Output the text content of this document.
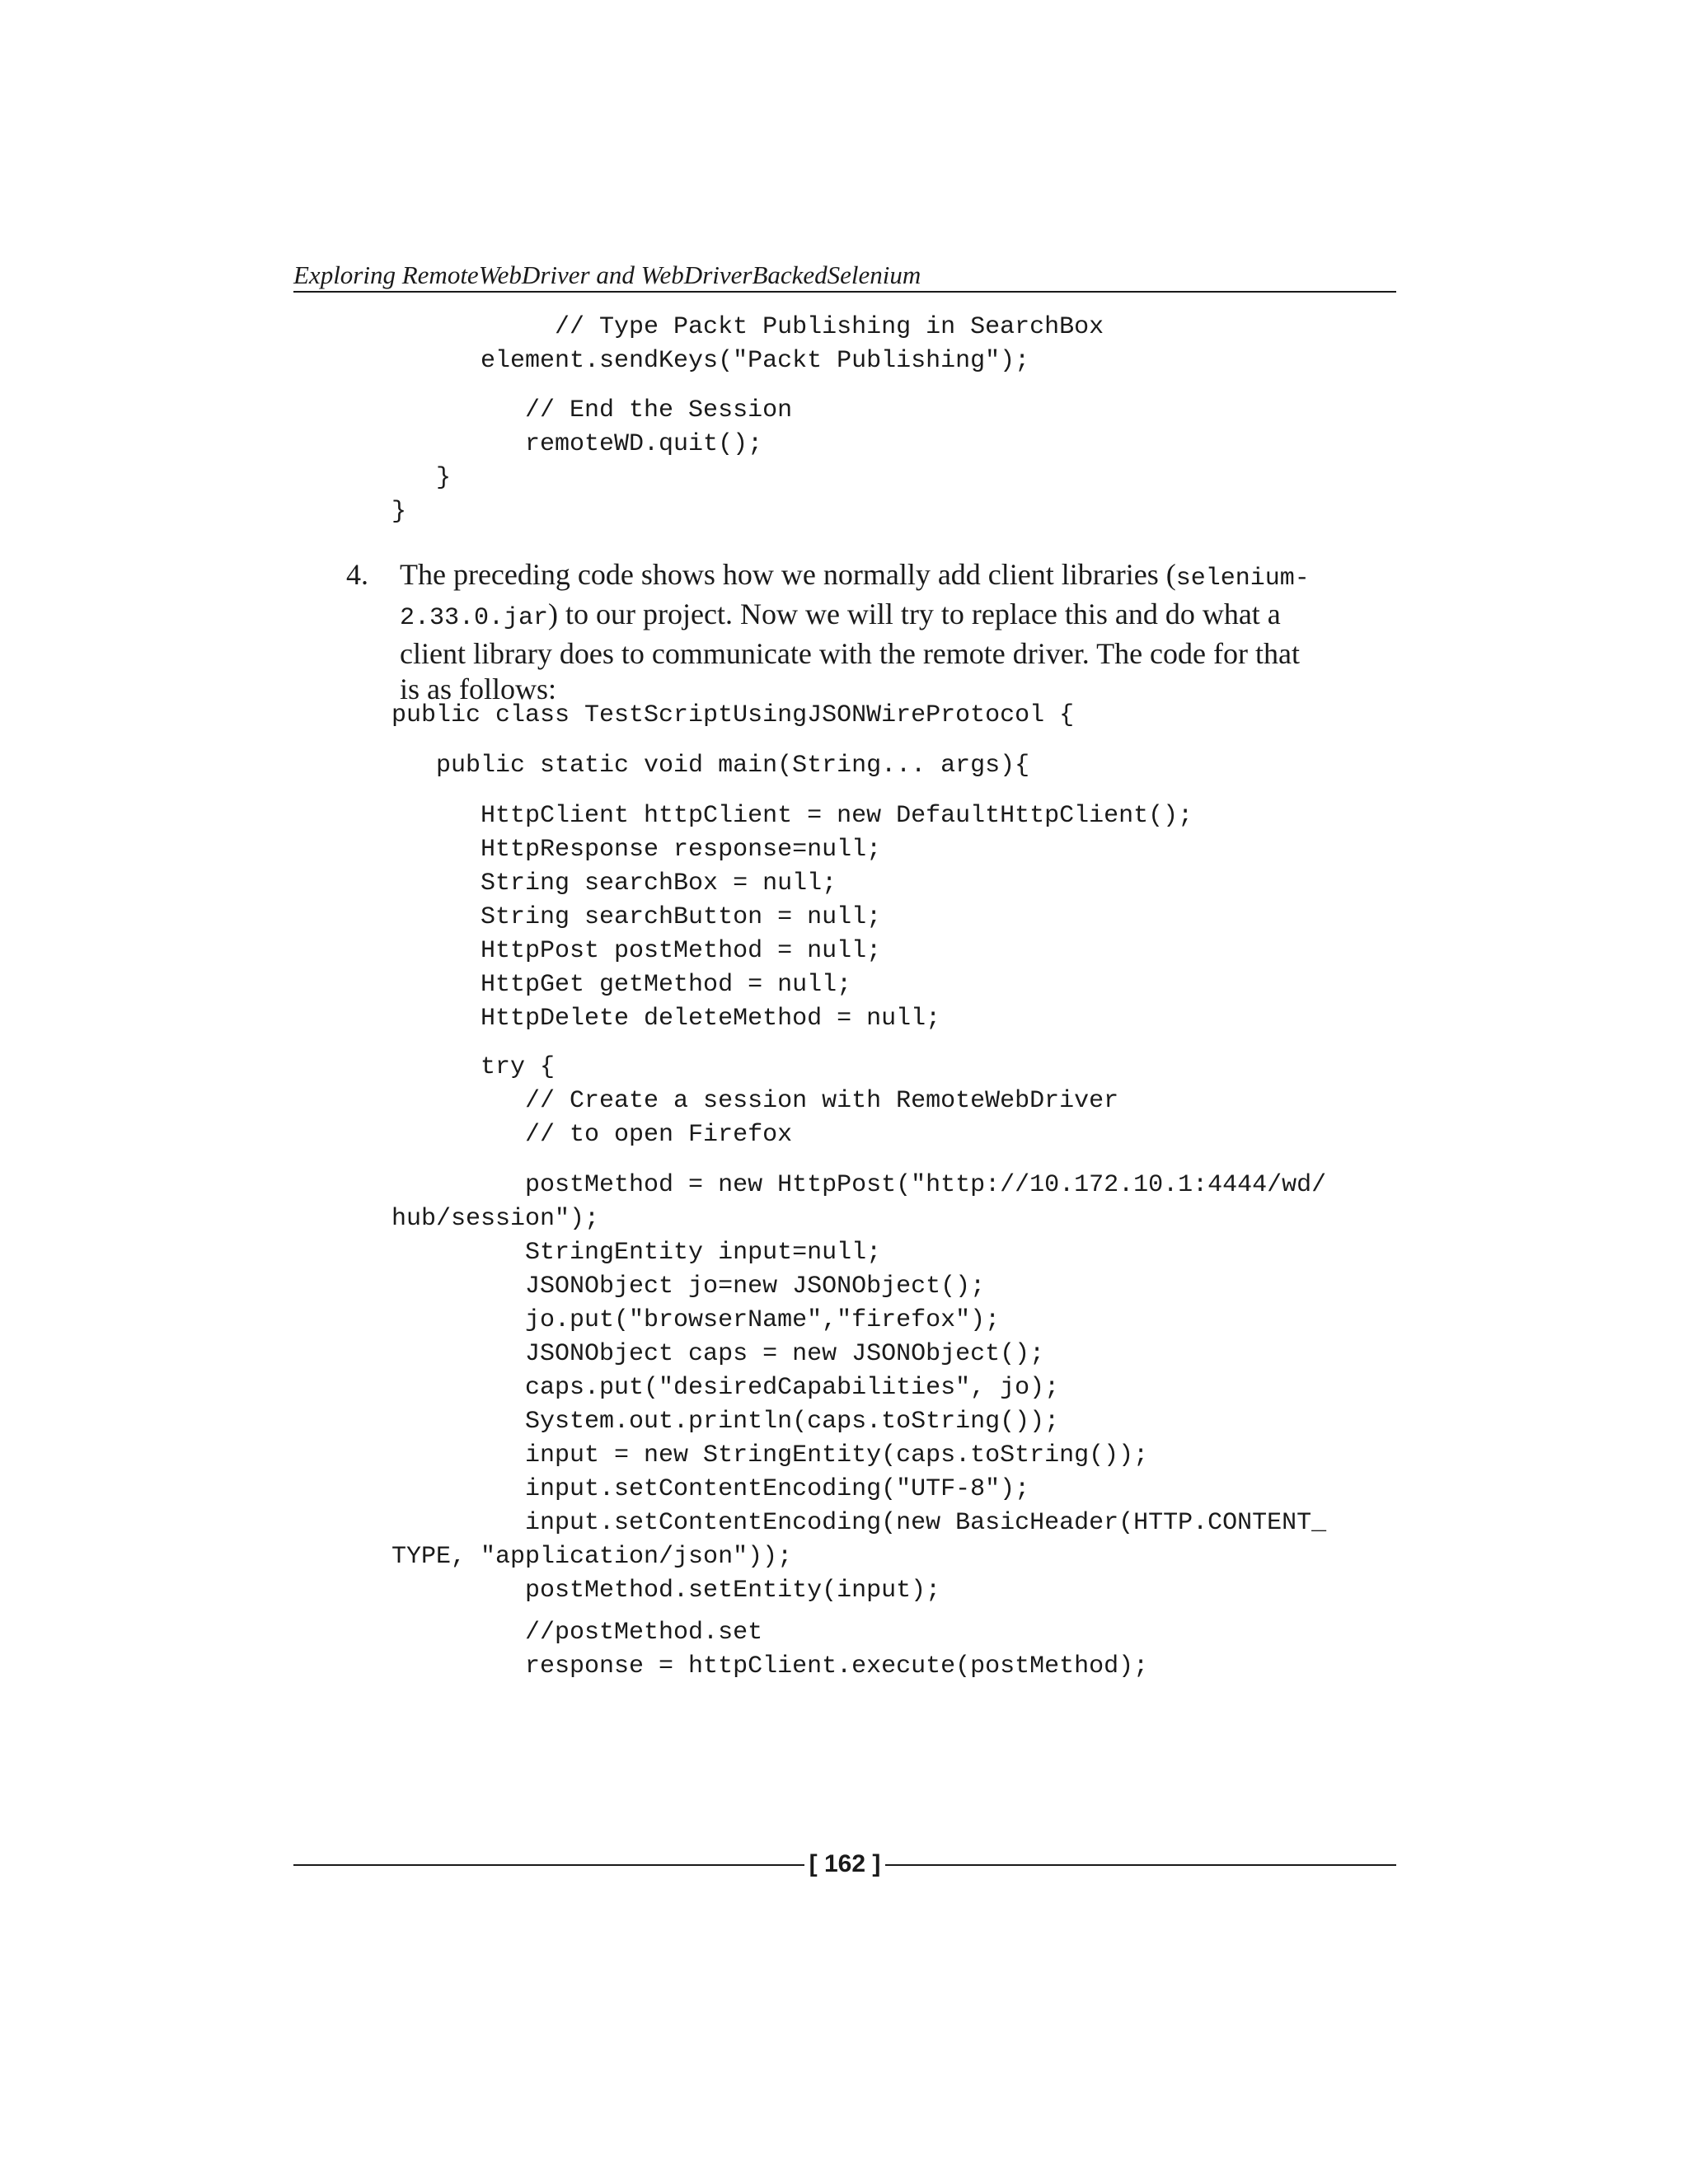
Exploring RemoteWebDriver and WebDriverBackedSelenium
// Type Packt Publishing in SearchBox
element.sendKeys("Packt Publishing");
// End the Session
remoteWD.quit();
}
}
4. The preceding code shows how we normally add client libraries (selenium-
2.33.0.jar) to our project. Now we will try to replace this and do what a
client library does to communicate with the remote driver. The code for that
is as follows:
public class TestScriptUsingJSONWireProtocol {
public static void main(String... args){
HttpClient httpClient = new DefaultHttpClient();
HttpResponse response=null;
String searchBox = null;
String searchButton = null;
HttpPost postMethod = null;
HttpGet getMethod = null;
HttpDelete deleteMethod = null;
try {
// Create a session with RemoteWebDriver
// to open Firefox
postMethod = new HttpPost("http://10.172.10.1:4444/wd/
hub/session");
StringEntity input=null;
JSONObject jo=new JSONObject();
jo.put("browserName","firefox");
JSONObject caps = new JSONObject();
caps.put("desiredCapabilities", jo);
System.out.println(caps.toString());
input = new StringEntity(caps.toString());
input.setContentEncoding("UTF-8");
input.setContentEncoding(new BasicHeader(HTTP.CONTENT_
TYPE, "application/json"));
postMethod.setEntity(input);
//postMethod.set
response = httpClient.execute(postMethod);
[ 162 ]
